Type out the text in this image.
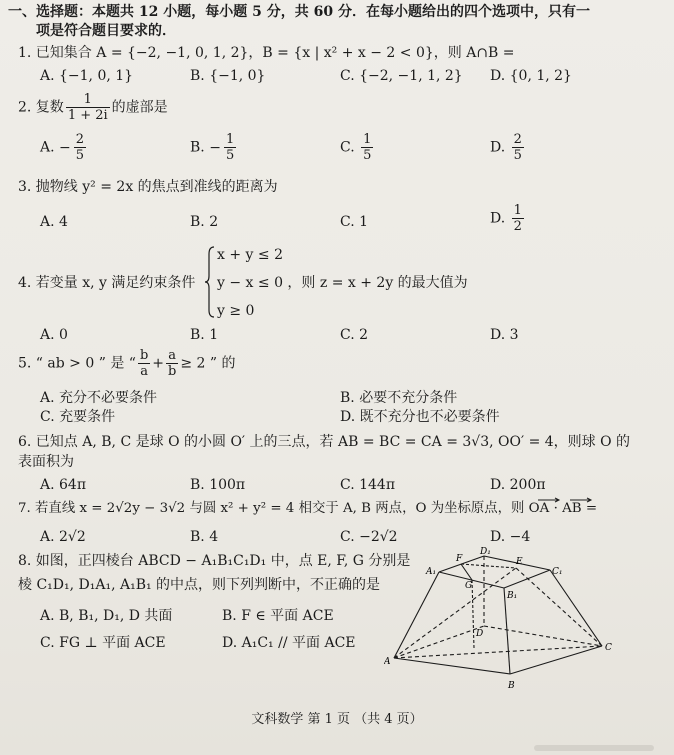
一、选择题：本题共 12 小题，每小题 5 分，共 60 分．在每小题给出的四个选项中，只有一
项是符合题目要求的．
1. 已知集合 A = {−2, −1, 0, 1, 2}，B = {x | x² + x − 2 < 0}，则 A∩B =
A. {−1, 0, 1}	B. {−1, 0}	C. {−2, −1, 1, 2} D. {0, 1, 2}
2. 复数 $\frac{1}{1 + 2i}$ 的虚部是
A. − $\frac{2}{5}$	B. − $\frac{1}{5}$	C. $\frac{1}{5}$	D. $\frac{2}{5}$
3. 抛物线 y² = 2x 的焦点到准线的距离为
A. 4	B. 2	C. 1	D. $\frac{1}{2}$
4. 若变量 x, y 满足约束条件
x + y ≤ 2
y − x ≤ 0 ，则 z = x + 2y 的最大值为
y ≥ 0
A. 0	B. 1	C. 2	D. 3
5. “ ab > 0 ” 是 “ $\frac{b}{a} + \frac{a}{b} \ge 2$ ” 的
A. 充分不必要条件	B. 必要不充分条件
C. 充要条件	D. 既不充分也不必要条件
6. 已知点 A, B, C 是球 O 的小圆 O′ 上的三点，若 AB = BC = CA = 3√3, OO′ = 4，则球 O 的
表面积为
A. 64π	B. 100π	C. 144π	D. 200π
7. 若直线 x = 2√2y − 3√2 与圆 x² + y² = 4 相交于 A, B 两点，O 为坐标原点，则 OA · AB =
A. 2√2	B. 4	C. −2√2	D. −4
8. 如图，正四棱台 ABCD − A₁B₁C₁D₁ 中，点 E, F, G 分别是
棱 C₁D₁, D₁A₁, A₁B₁ 的中点，则下列判断中，不正确的是
A. B, B₁, D₁, D 共面	B. F ∈ 平面 ACE
C. FG ⊥ 平面 ACE	D. A₁C₁ // 平面 ACE
A
B
C
D
A₁
B₁
C₁
D₁
E
F
G
文科数学 第 1 页 （共 4 页）
